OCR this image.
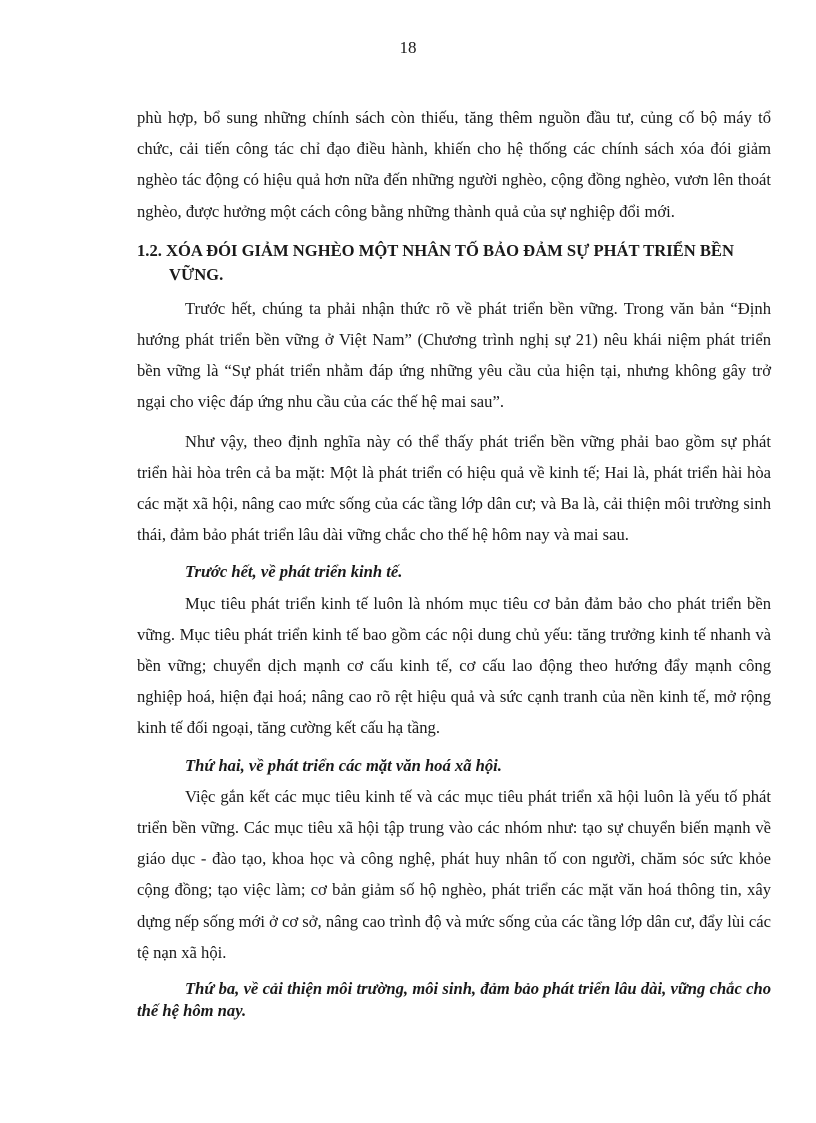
18

phù hợp, bổ sung những chính sách còn thiếu, tăng thêm nguồn đầu tư, củng cố bộ máy tổ chức, cải tiến công tác chỉ đạo điều hành, khiến cho hệ thống các chính sách xóa đói giảm nghèo tác động có hiệu quả hơn nữa đến những người nghèo, cộng đồng nghèo, vươn lên thoát nghèo, được hưởng một cách công bằng những thành quả của sự nghiệp đổi mới.

1.2. XÓA ĐÓI GIẢM NGHÈO MỘT NHÂN TỐ BẢO ĐẢM SỰ PHÁT TRIỂN BỀN VỮNG.

Trước hết, chúng ta phải nhận thức rõ về phát triển bền vững. Trong văn bản “Định hướng phát triển bền vững ở Việt Nam” (Chương trình nghị sự 21) nêu khái niệm phát triển bền vững là “Sự phát triển nhằm đáp ứng những yêu cầu của hiện tại, nhưng không gây trở ngại cho việc đáp ứng nhu cầu của các thế hệ mai sau”.

Như vậy, theo định nghĩa này có thể thấy phát triển bền vững phải bao gồm sự phát triển hài hòa trên cả ba mặt: Một là phát triển có hiệu quả về kinh tế; Hai là, phát triển hài hòa các mặt xã hội, nâng cao mức sống của các tầng lớp dân cư; và Ba là, cải thiện môi trường sinh thái, đảm bảo phát triển lâu dài vững chắc cho thế hệ hôm nay và mai sau.

Trước hết, về phát triển kinh tế.

Mục tiêu phát triển kinh tế luôn là nhóm mục tiêu cơ bản đảm bảo cho phát triển bền vững. Mục tiêu phát triển kinh tế bao gồm các nội dung chủ yếu: tăng trưởng kinh tế nhanh và bền vững; chuyển dịch mạnh cơ cấu kinh tế, cơ cấu lao động theo hướng đẩy mạnh công nghiệp hoá, hiện đại hoá; nâng cao rõ rệt hiệu quả và sức cạnh tranh của nền kinh tế, mở rộng kinh tế đối ngoại, tăng cường kết cấu hạ tầng.

Thứ hai, về phát triển các mặt văn hoá xã hội.

Việc gắn kết các mục tiêu kinh tế và các mục tiêu phát triển xã hội luôn là yếu tố phát triển bền vững. Các mục tiêu xã hội tập trung vào các nhóm như: tạo sự chuyển biến mạnh về giáo dục - đào tạo, khoa học và công nghệ, phát huy nhân tố con người, chăm sóc sức khỏe cộng đồng; tạo việc làm; cơ bản giảm số hộ nghèo, phát triển các mặt văn hoá thông tin, xây dựng nếp sống mới ở cơ sở, nâng cao trình độ và mức sống của các tầng lớp dân cư, đẩy lùi các tệ nạn xã hội.

Thứ ba, về cải thiện môi trường, môi sinh, đảm bảo phát triển lâu dài, vững chắc cho thế hệ hôm nay.
